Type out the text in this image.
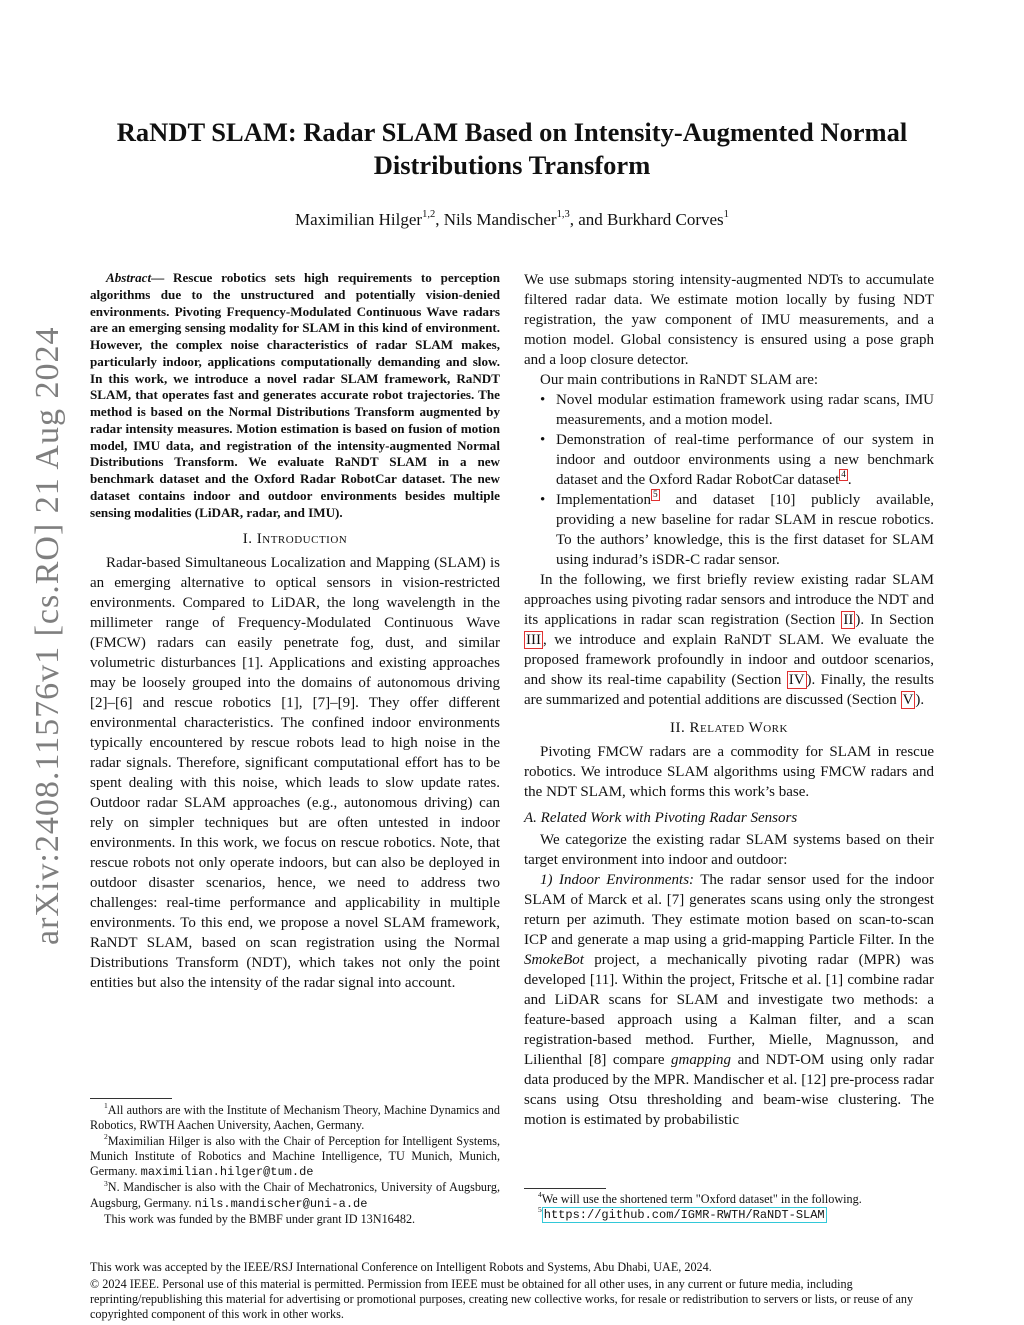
arXiv:2408.11576v1 [cs.RO] 21 Aug 2024
RaNDT SLAM: Radar SLAM Based on Intensity-Augmented Normal
Distributions Transform
Maximilian Hilger$^{1,2}$, Nils Mandischer$^{1,3}$, and Burkhard Corves$^1$

Abstract— Rescue robotics sets high requirements to perception algorithms due to the unstructured and potentially vision-denied environments. Pivoting Frequency-Modulated Continuous Wave radars are an emerging sensing modality for SLAM in this kind of environment. However, the complex noise characteristics of radar SLAM makes, particularly indoor, applications computationally demanding and slow. In this work, we introduce a novel radar SLAM framework, RaNDT SLAM, that operates fast and generates accurate robot trajectories. The method is based on the Normal Distributions Transform augmented by radar intensity measures. Motion estimation is based on fusion of motion model, IMU data, and registration of the intensity-augmented Normal Distributions Transform. We evaluate RaNDT SLAM in a new benchmark dataset and the Oxford Radar RobotCar dataset. The new dataset contains indoor and outdoor environments besides multiple sensing modalities (LiDAR, radar, and IMU).

I. Introduction

Radar-based Simultaneous Localization and Mapping (SLAM) is an emerging alternative to optical sensors in vision-restricted environments. Compared to LiDAR, the long wavelength in the millimeter range of Frequency-Modulated Continuous Wave (FMCW) radars can easily penetrate fog, dust, and similar volumetric disturbances [1]. Applications and existing approaches may be loosely grouped into the domains of autonomous driving [2]–[6] and rescue robotics [1], [7]–[9]. They offer different environmental characteristics. The confined indoor environments typically encountered by rescue robots lead to high noise in the radar signals. Therefore, significant computational effort has to be spent dealing with this noise, which leads to slow update rates. Outdoor radar SLAM approaches (e.g., autonomous driving) can rely on simpler techniques but are often untested in indoor environments. In this work, we focus on rescue robotics. Note, that rescue robots not only operate indoors, but can also be deployed in outdoor disaster scenarios, hence, we need to address two challenges: real-time performance and applicability in multiple environments. To this end, we propose a novel SLAM framework, RaNDT SLAM, based on scan registration using the Normal Distributions Transform (NDT), which takes not only the point entities but also the intensity of the radar signal into account.

$^1$All authors are with the Institute of Mechanism Theory, Machine Dynamics and Robotics, RWTH Aachen University, Aachen, Germany.

$^2$Maximilian Hilger is also with the Chair of Perception for Intelligent Systems, Munich Institute of Robotics and Machine Intelligence, TU Munich, Munich, Germany. maximilian.hilger@tum.de

$^3$N. Mandischer is also with the Chair of Mechatronics, University of Augsburg, Augsburg, Germany. nils.mandischer@uni-a.de

This work was funded by the BMBF under grant ID 13N16482.

We use submaps storing intensity-augmented NDTs to accumulate filtered radar data. We estimate motion locally by fusing NDT registration, the yaw component of IMU measurements, and a motion model. Global consistency is ensured using a pose graph and a loop closure detector.

Our main contributions in RaNDT SLAM are:

• Novel modular estimation framework using radar scans, IMU measurements, and a motion model.
• Demonstration of real-time performance of our system in indoor and outdoor environments using a new benchmark dataset and the Oxford Radar RobotCar dataset $^4$ .
• Implementation $^5$ and dataset [10] publicly available, providing a new baseline for radar SLAM in rescue robotics. To the authors’ knowledge, this is the first dataset for SLAM using indurad’s iSDR-C radar sensor.

In the following, we first briefly review existing radar SLAM approaches using pivoting radar sensors and introduce the NDT and its applications in radar scan registration (Section II ). In Section III , we introduce and explain RaNDT SLAM. We evaluate the proposed framework profoundly in indoor and outdoor scenarios, and show its real-time capability (Section IV ). Finally, the results are summarized and potential additions are discussed (Section V ).

II. Related Work

Pivoting FMCW radars are a commodity for SLAM in rescue robotics. We introduce SLAM algorithms using FMCW radars and the NDT SLAM, which forms this work’s base.

A. Related Work with Pivoting Radar Sensors

We categorize the existing radar SLAM systems based on their target environment into indoor and outdoor:

1) Indoor Environments: The radar sensor used for the indoor SLAM of Marck et al. [7] generates scans using only the strongest return per azimuth. They estimate motion based on scan-to-scan ICP and generate a map using a grid-mapping Particle Filter. In the SmokeBot project, a mechanically pivoting radar (MPR) was developed [11]. Within the project, Fritsche et al. [1] combine radar and LiDAR scans for SLAM and investigate two methods: a feature-based approach using a Kalman filter, and a scan registration-based method. Further, Mielle, Magnusson, and Lilienthal [8] compare gmapping and NDT-OM using only radar data produced by the MPR. Mandischer et al. [12] pre-process radar scans using Otsu thresholding and beam-wise clustering. The motion is estimated by probabilistic

$^4$We will use the shortened term "Oxford dataset" in the following.

$^5$ https://github.com/IGMR-RWTH/RaNDT-SLAM

This work was accepted by the IEEE/RSJ International Conference on Intelligent Robots and Systems, Abu Dhabi, UAE, 2024.

© 2024 IEEE. Personal use of this material is permitted. Permission from IEEE must be obtained for all other uses, in any current or future media, including reprinting/republishing this material for advertising or promotional purposes, creating new collective works, for resale or redistribution to servers or lists, or reuse of any copyrighted component of this work in other works.
